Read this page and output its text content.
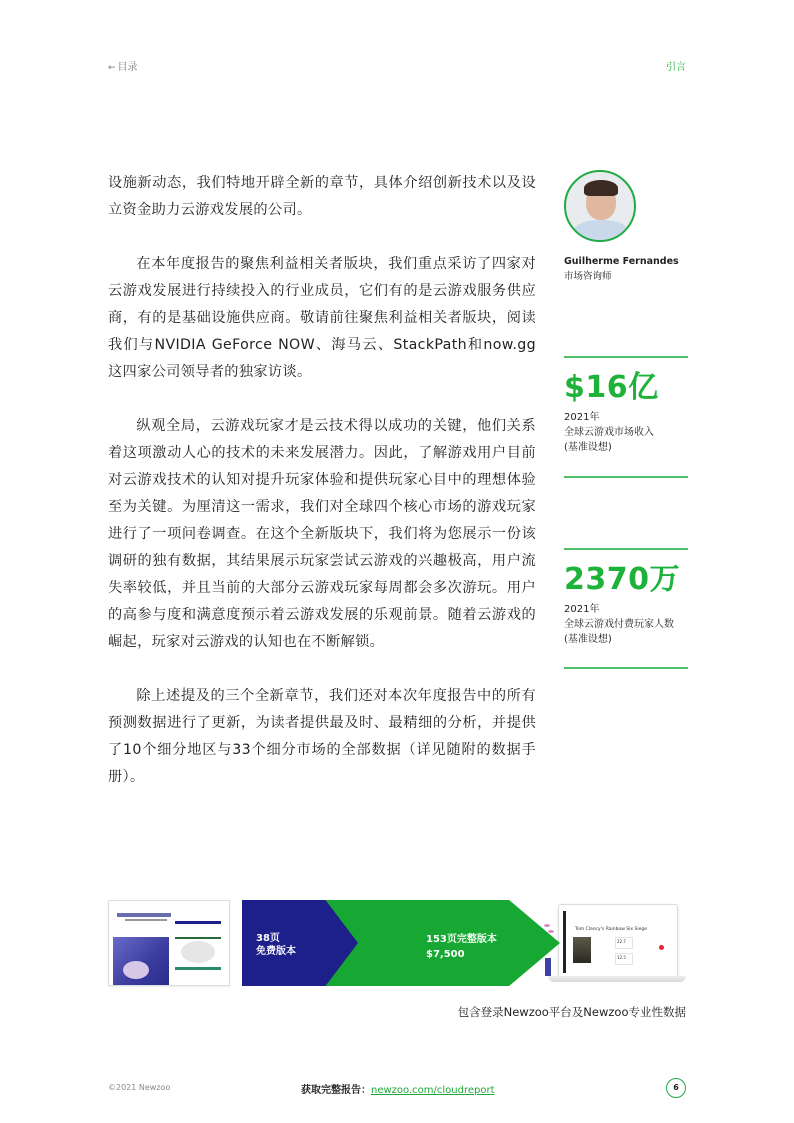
← 目录	引言

设施新动态，我们特地开辟全新的章节，具体介绍创新技术以及设立资金助力云游戏发展的公司。

在本年度报告的聚焦利益相关者版块，我们重点采访了四家对云游戏发展进行持续投入的行业成员，它们有的是云游戏服务供应商，有的是基础设施供应商。敬请前往聚焦利益相关者版块，阅读我们与NVIDIA GeForce NOW、海马云、StackPath和now.gg这四家公司领导者的独家访谈。

纵观全局，云游戏玩家才是云技术得以成功的关键，他们关系着这项激动人心的技术的未来发展潜力。因此，了解游戏用户目前对云游戏技术的认知对提升玩家体验和提供玩家心目中的理想体验至为关键。为厘清这一需求，我们对全球四个核心市场的游戏玩家进行了一项问卷调查。在这个全新版块下，我们将为您展示一份该调研的独有数据，其结果展示玩家尝试云游戏的兴趣极高，用户流失率较低，并且当前的大部分云游戏玩家每周都会多次游玩。用户的高参与度和满意度预示着云游戏发展的乐观前景。随着云游戏的崛起，玩家对云游戏的认知也在不断解锁。

除上述提及的三个全新章节，我们还对本次年度报告中的所有预测数据进行了更新，为读者提供最及时、最精细的分析，并提供了10个细分地区与33个细分市场的全部数据（详见随附的数据手册）。

Guilherme Fernandes
市场咨询师
$16亿
2021年
全球云游戏市场收入
(基准设想)
2370万
2021年
全球云游戏付费玩家人数
(基准设想)
38页
免费版本
153页完整版本
$7,500
Tom Clancy's Rainbow Six Siege
22.7
12.5
包含登录Newzoo平台及Newzoo专业性数据
©2021 Newzoo	获取完整报告：newzoo.com/cloudreport	6
